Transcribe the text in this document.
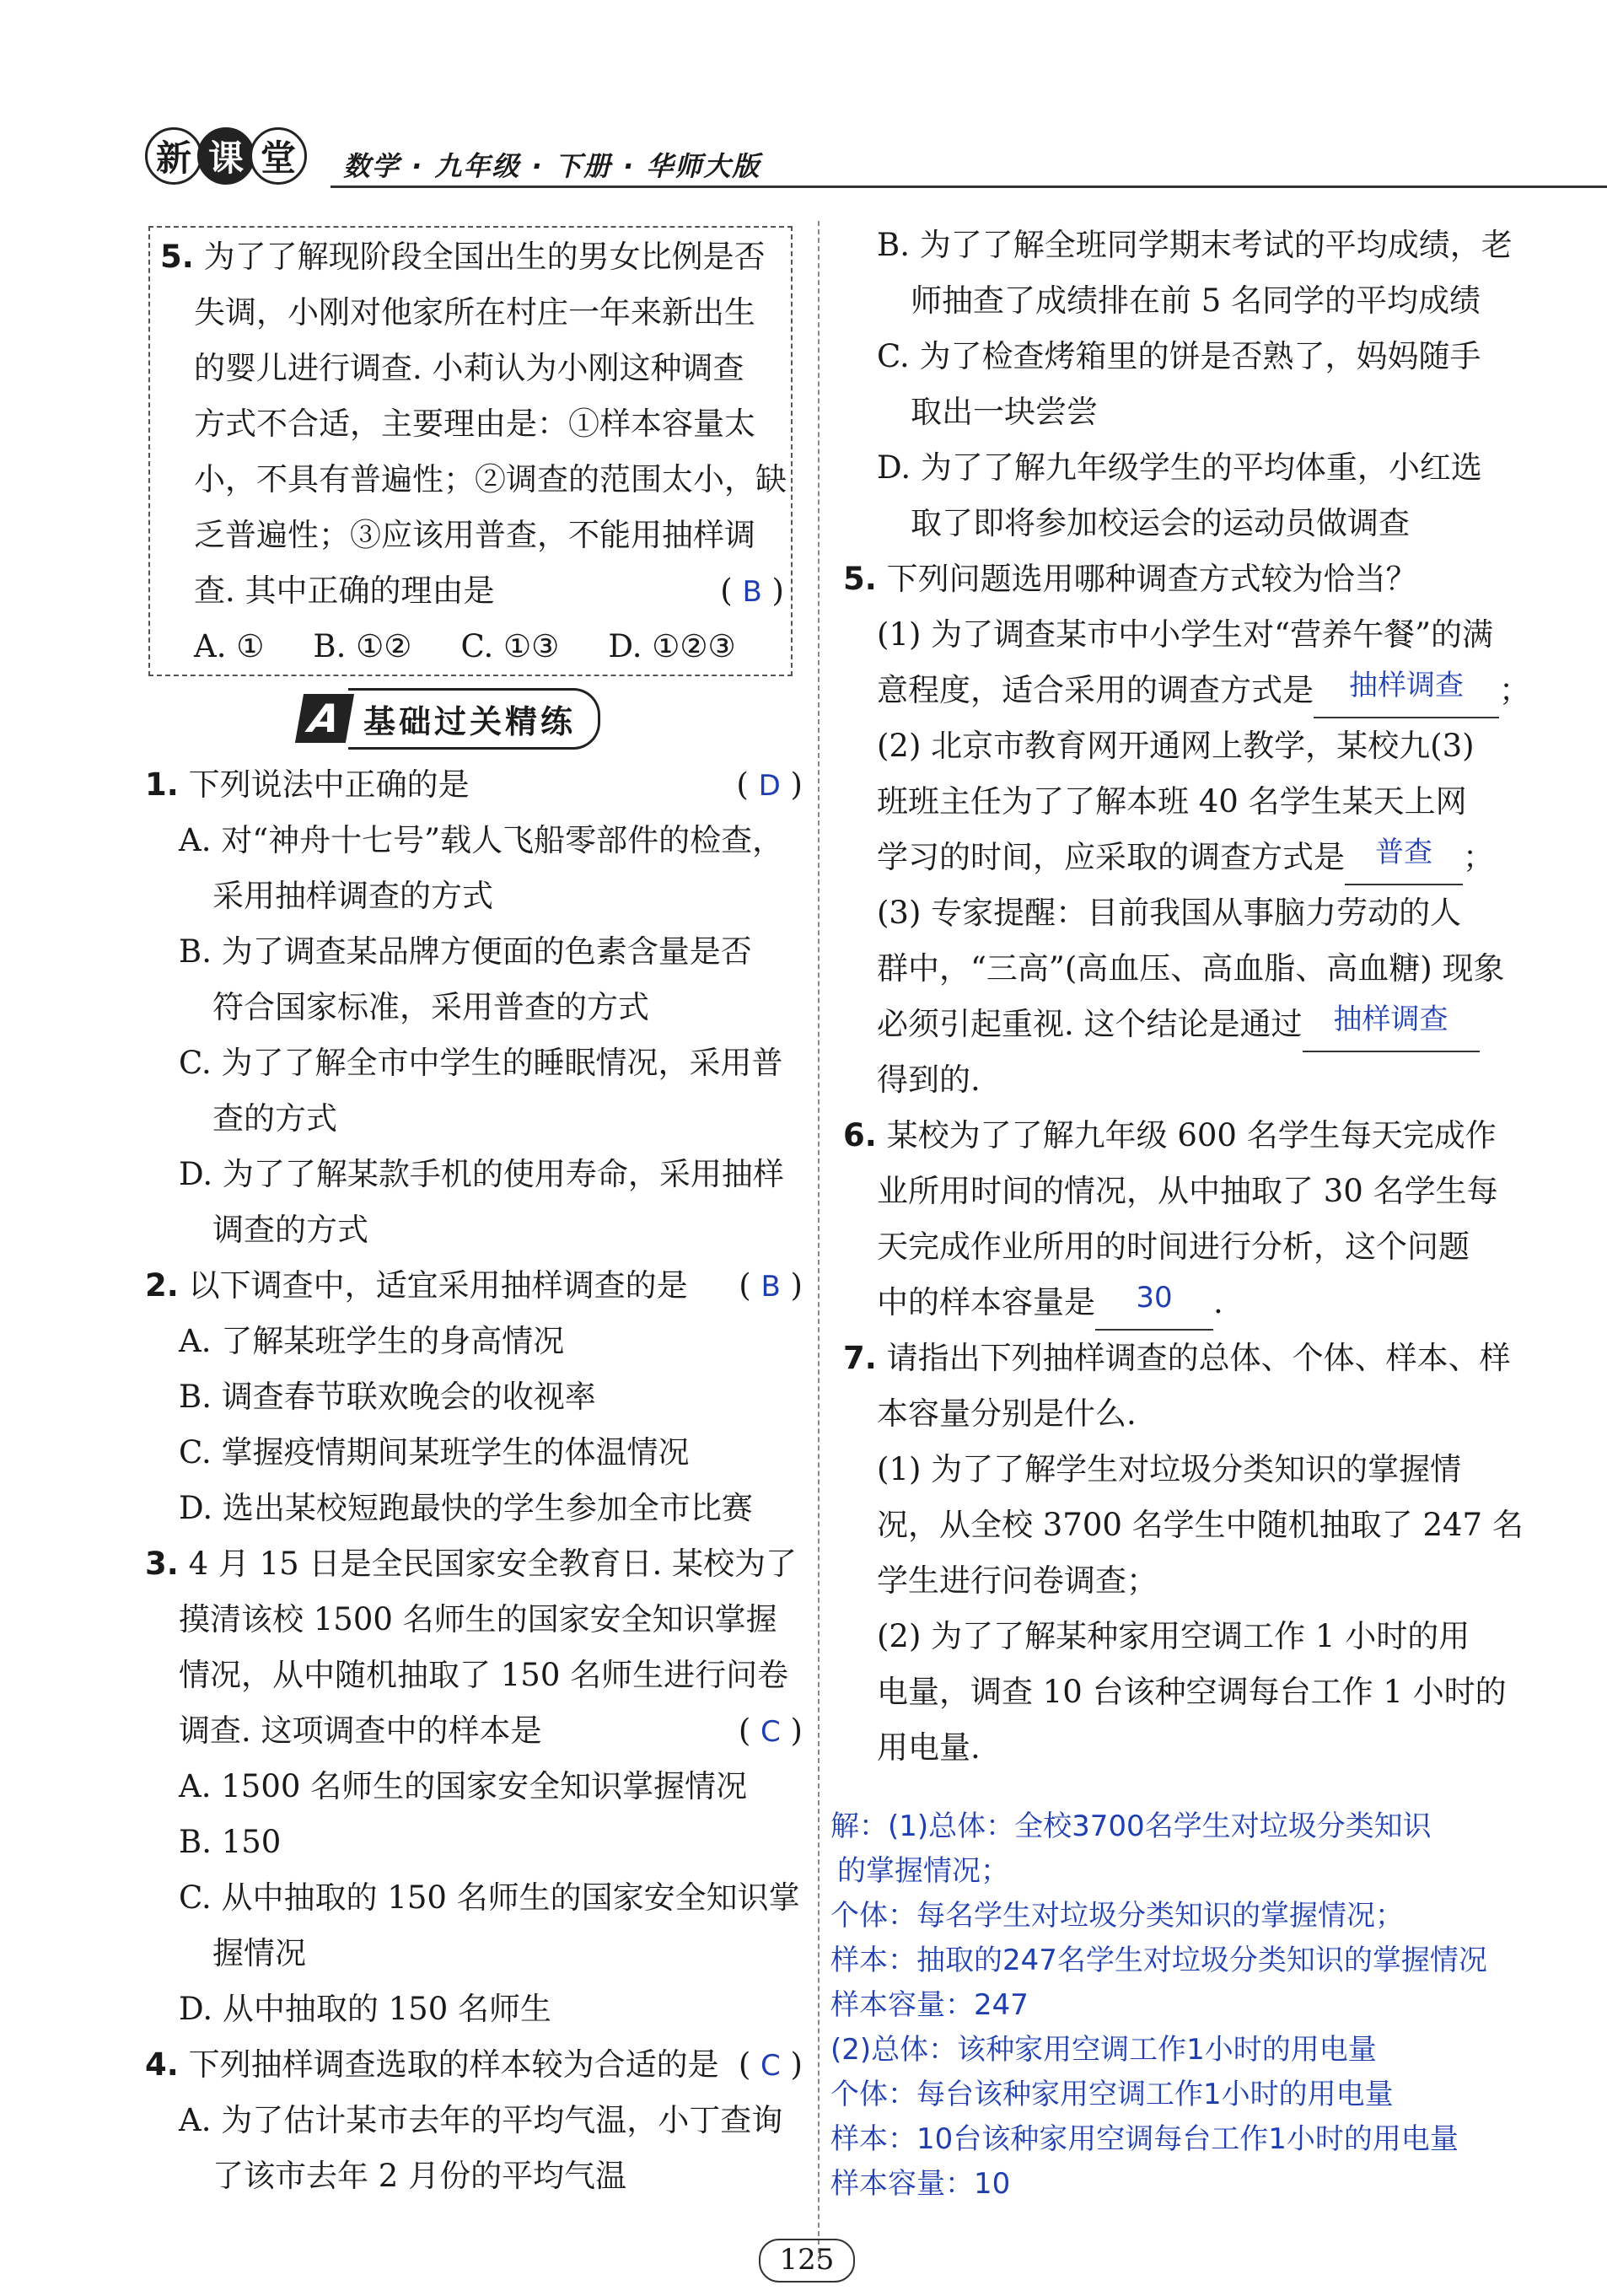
新 课 堂	数学 · 九年级 · 下册 · 华师大版
5. 为了了解现阶段全国出生的男女比例是否
失调，小刚对他家所在村庄一年来新出生
的婴儿进行调查. 小莉认为小刚这种调查
方式不合适，主要理由是：①样本容量太
小，不具有普遍性；②调查的范围太小，缺
乏普遍性；③应该用普查，不能用抽样调
查. 其中正确的理由是	( B )
A. ① B. ①② C. ①③ D. ①②③
A 基础过关精练
1. 下列说法中正确的是	( D )
A. 对“神舟十七号”载人飞船零部件的检查，
采用抽样调查的方式
B. 为了调查某品牌方便面的色素含量是否
符合国家标准，采用普查的方式
C. 为了了解全市中学生的睡眠情况，采用普
查的方式
D. 为了了解某款手机的使用寿命，采用抽样
调查的方式
2. 以下调查中，适宜采用抽样调查的是 ( B )
A. 了解某班学生的身高情况
B. 调查春节联欢晚会的收视率
C. 掌握疫情期间某班学生的体温情况
D. 选出某校短跑最快的学生参加全市比赛
3. 4 月 15 日是全民国家安全教育日. 某校为了
摸清该校 1500 名师生的国家安全知识掌握
情况，从中随机抽取了 150 名师生进行问卷
调查. 这项调查中的样本是	( C )
A. 1500 名师生的国家安全知识掌握情况
B. 150
C. 从中抽取的 150 名师生的国家安全知识掌
握情况
D. 从中抽取的 150 名师生
4. 下列抽样调查选取的样本较为合适的是 ( C )
A. 为了估计某市去年的平均气温，小丁查询
了该市去年 2 月份的平均气温
B. 为了了解全班同学期末考试的平均成绩，老
师抽查了成绩排在前 5 名同学的平均成绩
C. 为了检查烤箱里的饼是否熟了，妈妈随手
取出一块尝尝
D. 为了了解九年级学生的平均体重，小红选
取了即将参加校运会的运动员做调查
5. 下列问题选用哪种调查方式较为恰当？
(1) 为了调查某市中小学生对“营养午餐”的满
意程度，适合采用的调查方式是	抽样调查	；
(2) 北京市教育网开通网上教学，某校九(3)
班班主任为了了解本班 40 名学生某天上网
学习的时间，应采取的调查方式是	普查 ；
(3) 专家提醒：目前我国从事脑力劳动的人
群中，“三高”(高血压、高血脂、高血糖) 现象
必须引起重视. 这个结论是通过	抽样调查
得到的.
6. 某校为了了解九年级 600 名学生每天完成作
业所用时间的情况，从中抽取了 30 名学生每
天完成作业所用的时间进行分析，这个问题
中的样本容量是	30	.
7. 请指出下列抽样调查的总体、个体、样本、样
本容量分别是什么.
(1) 为了了解学生对垃圾分类知识的掌握情
况，从全校 3700 名学生中随机抽取了 247 名
学生进行问卷调查；
(2) 为了了解某种家用空调工作 1 小时的用
电量，调查 10 台该种空调每台工作 1 小时的
用电量.
解：(1)总体：全校3700名学生对垃圾分类知识
的掌握情况；
个体：每名学生对垃圾分类知识的掌握情况；
样本：抽取的247名学生对垃圾分类知识的掌握情况
样本容量：247
(2)总体：该种家用空调工作1小时的用电量
个体：每台该种家用空调工作1小时的用电量
样本：10台该种家用空调每台工作1小时的用电量
样本容量：10
125
